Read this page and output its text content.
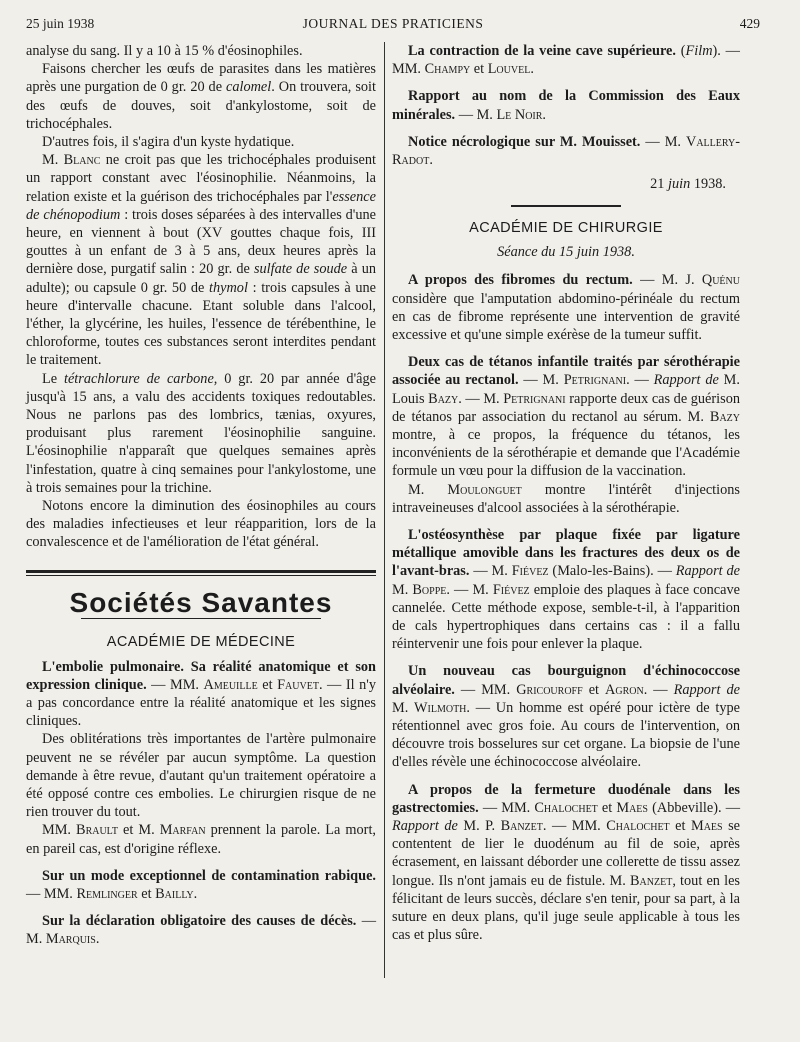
25 juin 1938	JOURNAL DES PRATICIENS	429

analyse du sang. Il y a 10 à 15 % d'éosinophiles.

Faisons chercher les œufs de parasites dans les matières après une purgation de 0 gr. 20 de calomel. On trouvera, soit des œufs de douves, soit d'ankylostome, soit de trichocéphales.

D'autres fois, il s'agira d'un kyste hydatique.

M. Blanc ne croit pas que les trichocéphales produisent un rapport constant avec l'éosinophilie. Néanmoins, la relation existe et la guérison des trichocéphales par l'essence de chénopodium : trois doses séparées à des intervalles d'une heure, en viennent à bout (XV gouttes chaque fois, III gouttes à un enfant de 3 à 5 ans, deux heures après la dernière dose, purgatif salin : 20 gr. de sulfate de soude à un adulte); ou capsule 0 gr. 50 de thymol : trois capsules à une heure d'intervalle chacune. Etant soluble dans l'alcool, l'éther, la glycérine, les huiles, l'essence de térébenthine, le chloroforme, toutes ces substances seront interdites pendant le traitement.

Le tétrachlorure de carbone, 0 gr. 20 par année d'âge jusqu'à 15 ans, a valu des accidents toxiques redoutables. Nous ne parlons pas des lombrics, tænias, oxyures, produisant plus rarement l'éosinophilie sanguine. L'éosinophilie n'apparaît que quelques semaines après l'infestation, quatre à cinq semaines pour l'ankylostome, une à trois semaines pour la trichine.

Notons encore la diminution des éosinophiles au cours des maladies infectieuses et leur réapparition, lors de la convalescence et de l'amélioration de l'état général.

Sociétés Savantes
ACADÉMIE DE MÉDECINE

L'embolie pulmonaire. Sa réalité anatomique et son expression clinique. — MM. Ameuille et Fauvet. — Il n'y a pas concordance entre la réalité anatomique et les signes cliniques.

Des oblitérations très importantes de l'artère pulmonaire peuvent ne se révéler par aucun symptôme. La question demande à être revue, d'autant qu'un traitement opératoire a été opposé contre ces embolies. Le chirurgien risque de ne rien trouver du tout.

MM. Brault et M. Marfan prennent la parole. La mort, en pareil cas, est d'origine réflexe.

Sur un mode exceptionnel de contamination rabique. — MM. Remlinger et Bailly.

Sur la déclaration obligatoire des causes de décès. — M. Marquis.

La contraction de la veine cave supérieure. (Film). — MM. Champy et Louvel.

Rapport au nom de la Commission des Eaux minérales. — M. Le Noir.

Notice nécrologique sur M. Mouisset. — M. Vallery-Radot.

21 juin 1938.
ACADÉMIE DE CHIRURGIE
Séance du 15 juin 1938.

A propos des fibromes du rectum. — M. J. Quénu considère que l'amputation abdomino-périnéale du rectum en cas de fibrome représente une intervention de gravité excessive et qu'une simple exérèse de la tumeur suffit.

Deux cas de tétanos infantile traités par sérothérapie associée au rectanol. — M. Petrignani. — Rapport de M. Louis Bazy. — M. Petrignani rapporte deux cas de guérison de tétanos par association du rectanol au sérum. M. Bazy montre, à ce propos, la fréquence du tétanos, les inconvénients de la sérothérapie et demande que l'Académie formule un vœu pour la diffusion de la vaccination.

M. Moulonguet montre l'intérêt d'injections intraveineuses d'alcool associées à la sérothérapie.

L'ostéosynthèse par plaque fixée par ligature métallique amovible dans les fractures des deux os de l'avant-bras. — M. Fiévez (Malo-les-Bains). — Rapport de M. Boppe. — M. Fiévez emploie des plaques à face concave cannelée. Cette méthode expose, semble-t-il, à l'apparition de cals hypertrophiques dans certains cas : il a fallu réintervenir une fois pour enlever la plaque.

Un nouveau cas bourguignon d'échinococcose alvéolaire. — MM. Gricouroff et Agron. — Rapport de M. Wilmoth. — Un homme est opéré pour ictère de type rétentionnel avec gros foie. Au cours de l'intervention, on découvre trois bosselures sur cet organe. La biopsie de l'une d'elles révèle une échinococcose alvéolaire.

A propos de la fermeture duodénale dans les gastrectomies. — MM. Chalochet et Maes (Abbeville). — Rapport de M. P. Banzet. — MM. Chalochet et Maes se contentent de lier le duodénum au fil de soie, après écrasement, en laissant déborder une collerette de tissu assez longue. Ils n'ont jamais eu de fistule. M. Banzet, tout en les félicitant de leurs succès, déclare s'en tenir, pour sa part, à la suture en deux plans, qu'il juge seule applicable à tous les cas et plus sûre.
